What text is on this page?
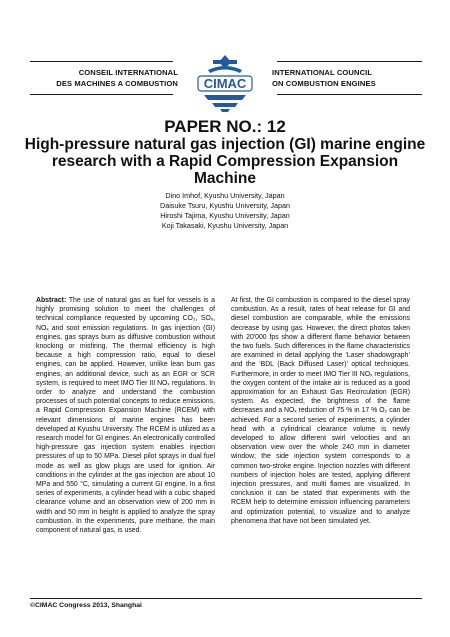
CONSEIL INTERNATIONAL
DES MACHINES A COMBUSTION
INTERNATIONAL COUNCIL
ON COMBUSTION ENGINES
CIMAC
PAPER NO.: 12
High-pressure natural gas injection (GI) marine engine research with a Rapid Compression Expansion Machine
Dino Imhof, Kyushu University, Japan
Daisuke Tsuru, Kyushu University, Japan
Hiroshi Tajima, Kyushu University, Japan
Koji Takasaki, Kyushu University, Japan
Abstract: The use of natural gas as fuel for vessels is a highly promising solution to meet the challenges of technical compliance requested by upcoming CO₂, SOₓ, NOₓ and soot emission regulations. In gas injection (GI) engines, gas sprays burn as diffusive combustion without knocking or misfiring. The thermal efficiency is high because a high compression ratio, equal to diesel engines, can be applied. However, unlike lean burn gas engines, an additional device, such as an EGR or SCR system, is required to meet IMO Tier III NOₓ regulations. In order to analyze and understand the combustion processes of such potential concepts to reduce emissions, a Rapid Compression Expansion Machine (RCEM) with relevant dimensions of marine engines has been developed at Kyushu University. The RCEM is utilized as a research model for GI engines. An electronically controlled high-pressure gas injection system enables injection pressures of up to 50 MPa. Diesel pilot sprays in dual fuel mode as well as glow plugs are used for ignition. Air conditions in the cylinder at the gas injection are about 10 MPa and 550 °C, simulating a current GI engine. In a first series of experiments, a cylinder head with a cubic shaped clearance volume and an observation view of 200 mm in width and 50 mm in height is applied to analyze the spray combustion. In the experiments, pure methane, the main component of natural gas, is used.
At first, the GI combustion is compared to the diesel spray combustion. As a result, rates of heat release for GI and diesel combustion are comparable, while the emissions decrease by using gas. However, the direct photos taken with 20'000 fps show a different flame behavior between the two fuels. Such differences in the flame characteristics are examined in detail applying the ‘Laser shadowgraph’ and the ‘BDL (Back Diffused Laser)’ optical techniques. Furthermore, in order to meet IMO Tier III NOₓ regulations, the oxygen content of the intake air is reduced as a good approximation for an Exhaust Gas Recirculation (EGR) system. As expected, the brightness of the flame decreases and a NOₓ reduction of 75 % in 17 % O₂ can be achieved. For a second series of experiments, a cylinder head with a cylindrical clearance volume is newly developed to allow different swirl velocities and an observation view over the whole 240 mm in diameter window; the side injection system corresponds to a common two-stroke engine. Injection nozzles with different numbers of injection holes are tested, applying different injection pressures, and multi flames are visualized. In conclusion it can be stated that experiments with the RCEM help to determine emission influencing parameters and optimization potential, to visualize and to analyze phenomena that have not been simulated yet.
©CIMAC Congress 2013, Shanghai
